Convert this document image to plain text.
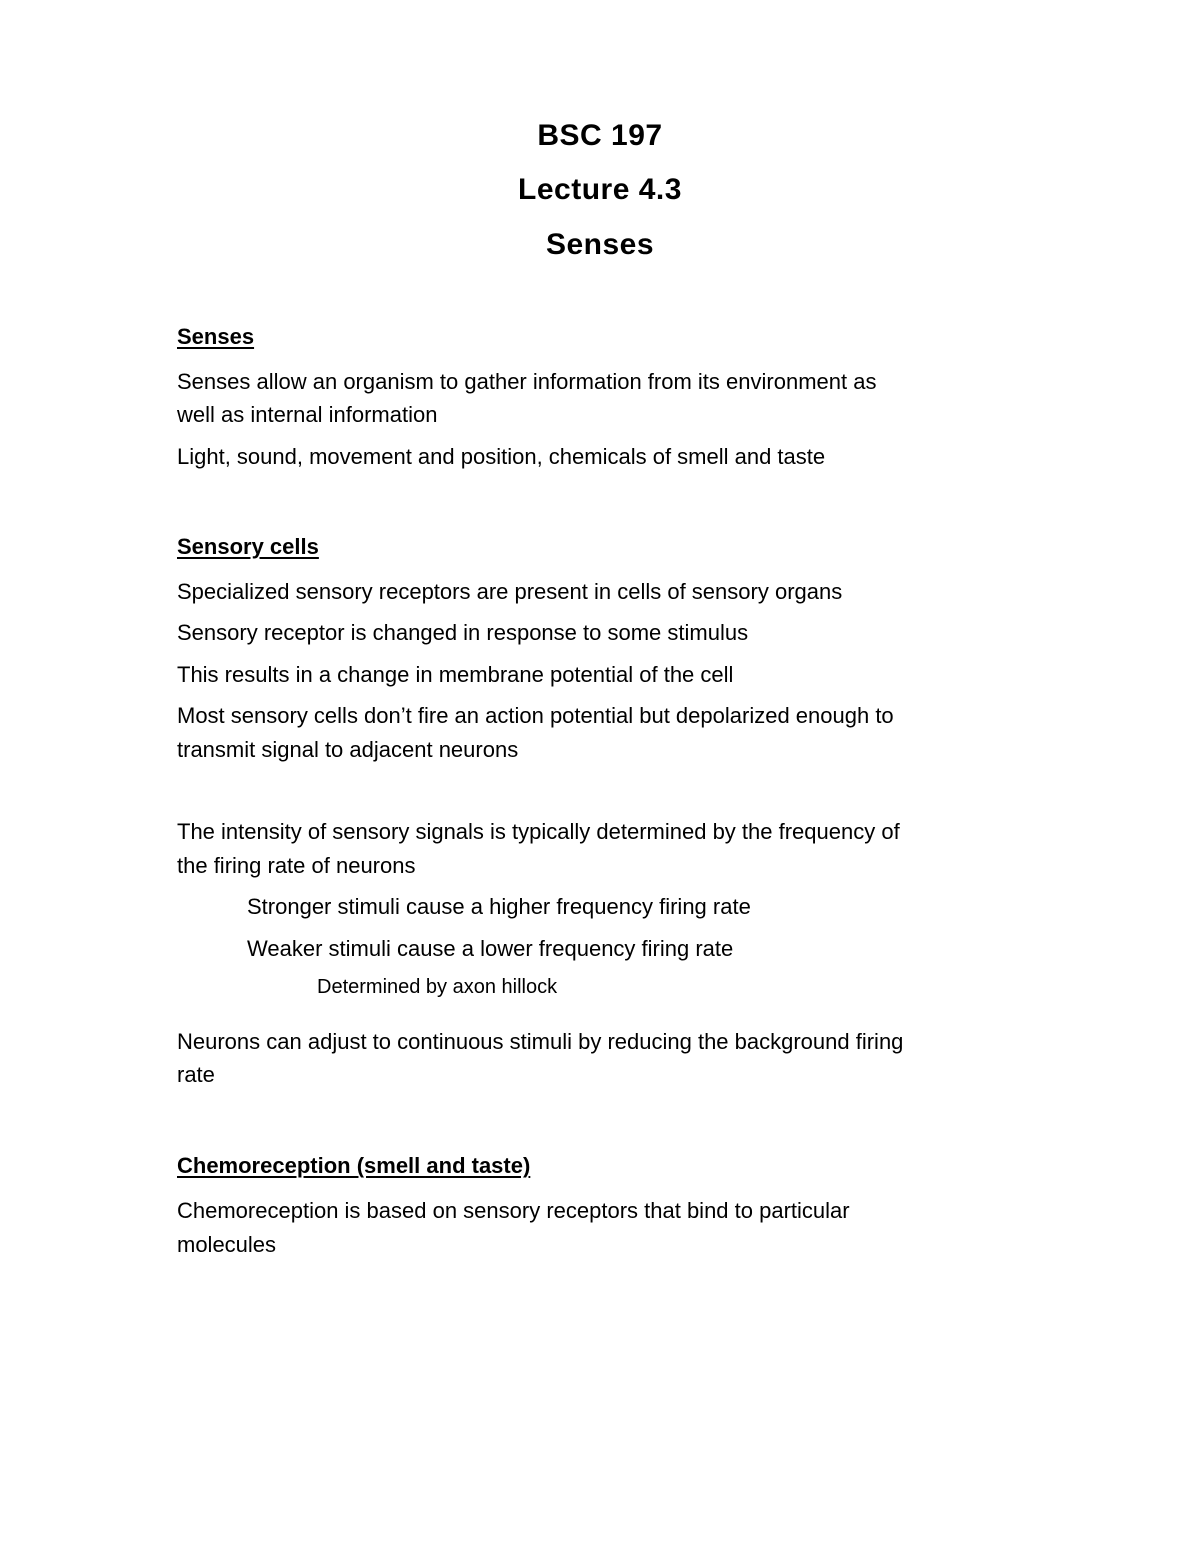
BSC 197
Lecture 4.3
Senses
Senses
Senses allow an organism to gather information from its environment as
well as internal information
Light, sound, movement and position, chemicals of smell and taste
Sensory cells
Specialized sensory receptors are present in cells of sensory organs
Sensory receptor is changed in response to some stimulus
This results in a change in membrane potential of the cell
Most sensory cells don’t fire an action potential but depolarized enough to
transmit signal to adjacent neurons
The intensity of sensory signals is typically determined by the frequency of
the firing rate of neurons
Stronger stimuli cause a higher frequency firing rate
Weaker stimuli cause a lower frequency firing rate
Determined by axon hillock
Neurons can adjust to continuous stimuli by reducing the background firing
rate
Chemoreception (smell and taste)
Chemoreception is based on sensory receptors that bind to particular
molecules
